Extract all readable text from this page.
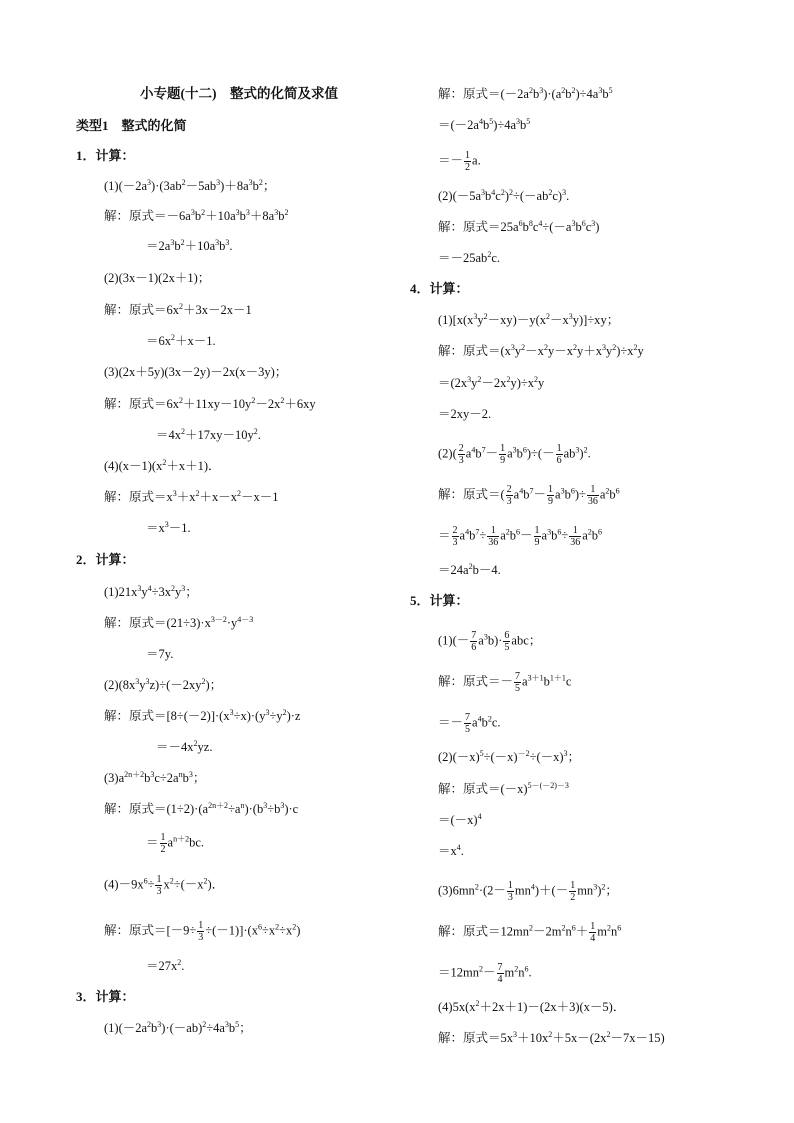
小专题(十二)　整式的化简及求值
类型1　整式的化简
1．计算：
$(1)(-2a^3)\cdot(3ab^2-5ab^3)+8a^3b^2$；
解：原式$=-6a^3b^2+10a^3b^3+8a^3b^2$
$=2a^3b^2+10a^3b^3$.
(2)(3x－1)(2x＋1)；
解：原式$=6x^2+3x-2x-1$
$=6x^2+x-1$.
(3)(2x＋5y)(3x－2y)－2x(x－3y)；
解：原式$=6x^2+11xy-10y^2-2x^2+6xy$
$=4x^2+17xy-10y^2$.
$(4)(x-1)(x^2+x+1)$．
解：原式$=x^3+x^2+x-x^2-x-1$
$=x^3-1$.
2．计算：
$(1)21x^3y^4\div 3x^2y^3$；
解：原式$=(21\div 3)\cdot x^{3-2}\cdot y^{4-3}$
＝7y.
$(2)(8x^3y^3z)\div(-2xy^2)$；
解：原式$=[8\div(-2)]\cdot(x^3\div x)\cdot(y^3\div y^2)\cdot z$
$=-4x^2yz$.
$(3)a^{2n+2}b^3c\div 2a^nb^3$；
解：原式$=(1\div 2)\cdot(a^{2n+2}\div a^n)\cdot(b^3\div b^3)\cdot c$
＝ $\frac{1}{2} a^{n+2}bc$.
$(4)-9x^6\div \frac{1}{3} x^2\div(-x^2)$．
解：原式$=[-9\div \frac{1}{3} \div(-1)]\cdot(x^6\div x^2\div x^2)$
$=27x^2$.
3．计算：
$(1)(-2a^2b^3)\cdot(-ab)^2\div 4a^3b^5$；
解：原式$=(-2a^2b^3)\cdot(a^2b^2)\div 4a^3b^5$
$=(-2a^4b^5)\div 4a^3b^5$
＝－ $\frac{1}{2} a$.
$(2)(-5a^3b^4c^2)^2\div(-ab^2c)^3$.
解：原式$=25a^6b^8c^4\div(-a^3b^6c^3)$
$=-25ab^2c$.
4．计算：
$(1)[x(x^3y^2-xy)-y(x^2-x^3y)]\div xy$；
解：原式$=(x^3y^2-x^2y-x^2y+x^3y^2)\div x^2y$
$=(2x^3y^2-2x^2y)\div x^2y$
＝2xy－2.
$(2)( \frac{2}{3} a^4b^7- \frac{1}{9} a^3b^6)\div(- \frac{1}{6} ab^3)^2$.
解：原式＝( $\frac{2}{3} a^4b^7- \frac{1}{9} a^3b^6)\div \frac{1}{36} a^2b^6$
＝ $\frac{2}{3} a^4b^7\div \frac{1}{36} a^2b^6- \frac{1}{9} a^3b^6\div \frac{1}{36} a^2b^6$
$=24a^2b-4$.
5．计算：
$(1)(- \frac{7}{6} a^3b)\cdot \frac{6}{5}$ abc；
解：原式＝－ $\frac{7}{5} a^{3+1}b^{1+1}c$
＝－ $\frac{7}{5} a^4b^2c$.
$(2)(-x)^5\div(-x)^{-2}\div(-x)^3$；
解：原式$=(-x)^{5-(-2)-3}$
$=(-x)^4$
$=x^4$.
$(3)6mn^2\cdot(2- \frac{1}{3} mn^4)+(- \frac{1}{2} mn^3)^2$；
解：原式$=12mn^2-2m^2n^6+ \frac{1}{4} m^2n^6$
$=12mn^2- \frac{7}{4} m^2n^6$.
$(4)5x(x^2+2x+1)-(2x+3)(x-5)$．
解：原式$=5x^3+10x^2+5x-(2x^2-7x-15)$
